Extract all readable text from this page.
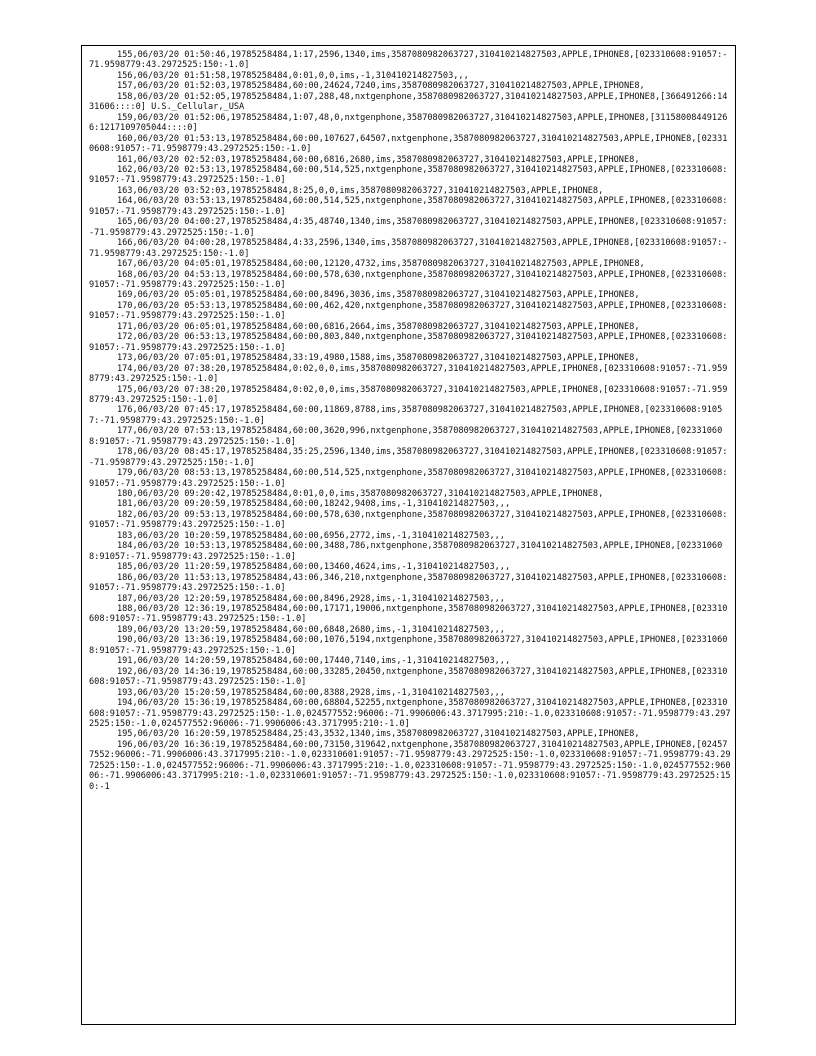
155,06/03/20 01:50:46,19785258484,1:17,2596,1340,ims,3587080982063727,310410214827503,APPLE,IPHONE8,[023310608:91057:-71.9598779:43.2972525:150:-1.0]

156,06/03/20 01:51:58,19785258484,0:01,0,0,ims,-1,310410214827503,,,

157,06/03/20 01:52:03,19785258484,60:00,24624,7240,ims,3587080982063727,310410214827503,APPLE,IPHONE8,

158,06/03/20 01:52:05,19785258484,1:07,288,48,nxtgenphone,3587080982063727,310410214827503,APPLE,IPHONE8,[366491266:1431606::::0] U.S._Cellular,_USA

159,06/03/20 01:52:06,19785258484,1:07,48,0,nxtgenphone,3587080982063727,310410214827503,APPLE,IPHONE8,[311580084491266:1217109705044::::0]

160,06/03/20 01:53:13,19785258484,60:00,107627,64507,nxtgenphone,3587080982063727,310410214827503,APPLE,IPHONE8,[023310608:91057:-71.9598779:43.2972525:150:-1.0]

161,06/03/20 02:52:03,19785258484,60:00,6816,2680,ims,3587080982063727,310410214827503,APPLE,IPHONE8,

162,06/03/20 02:53:13,19785258484,60:00,514,525,nxtgenphone,3587080982063727,310410214827503,APPLE,IPHONE8,[023310608:91057:-71.9598779:43.2972525:150:-1.0]

163,06/03/20 03:52:03,19785258484,8:25,0,0,ims,3587080982063727,310410214827503,APPLE,IPHONE8,

164,06/03/20 03:53:13,19785258484,60:00,514,525,nxtgenphone,3587080982063727,310410214827503,APPLE,IPHONE8,[023310608:91057:-71.9598779:43.2972525:150:-1.0]

165,06/03/20 04:00:27,19785258484,4:35,48740,1340,ims,3587080982063727,310410214827503,APPLE,IPHONE8,[023310608:91057:-71.9598779:43.2972525:150:-1.0]

166,06/03/20 04:00:28,19785258484,4:33,2596,1340,ims,3587080982063727,310410214827503,APPLE,IPHONE8,[023310608:91057:-71.9598779:43.2972525:150:-1.0]

167,06/03/20 04:05:01,19785258484,60:00,12120,4732,ims,3587080982063727,310410214827503,APPLE,IPHONE8,

168,06/03/20 04:53:13,19785258484,60:00,578,630,nxtgenphone,3587080982063727,310410214827503,APPLE,IPHONE8,[023310608:91057:-71.9598779:43.2972525:150:-1.0]

169,06/03/20 05:05:01,19785258484,60:00,8496,3036,ims,3587080982063727,310410214827503,APPLE,IPHONE8,

170,06/03/20 05:53:13,19785258484,60:00,462,420,nxtgenphone,3587080982063727,310410214827503,APPLE,IPHONE8,[023310608:91057:-71.9598779:43.2972525:150:-1.0]

171,06/03/20 06:05:01,19785258484,60:00,6816,2664,ims,3587080982063727,310410214827503,APPLE,IPHONE8,

172,06/03/20 06:53:13,19785258484,60:00,803,840,nxtgenphone,3587080982063727,310410214827503,APPLE,IPHONE8,[023310608:91057:-71.9598779:43.2972525:150:-1.0]

173,06/03/20 07:05:01,19785258484,33:19,4980,1588,ims,3587080982063727,310410214827503,APPLE,IPHONE8,

174,06/03/20 07:38:20,19785258484,0:02,0,0,ims,3587080982063727,310410214827503,APPLE,IPHONE8,[023310608:91057:-71.9598779:43.2972525:150:-1.0]

175,06/03/20 07:38:20,19785258484,0:02,0,0,ims,3587080982063727,310410214827503,APPLE,IPHONE8,[023310608:91057:-71.9598779:43.2972525:150:-1.0]

176,06/03/20 07:45:17,19785258484,60:00,11869,8788,ims,3587080982063727,310410214827503,APPLE,IPHONE8,[023310608:91057:-71.9598779:43.2972525:150:-1.0]

177,06/03/20 07:53:13,19785258484,60:00,3620,996,nxtgenphone,3587080982063727,310410214827503,APPLE,IPHONE8,[023310608:91057:-71.9598779:43.2972525:150:-1.0]

178,06/03/20 08:45:17,19785258484,35:25,2596,1340,ims,3587080982063727,310410214827503,APPLE,IPHONE8,[023310608:91057:-71.9598779:43.2972525:150:-1.0]

179,06/03/20 08:53:13,19785258484,60:00,514,525,nxtgenphone,3587080982063727,310410214827503,APPLE,IPHONE8,[023310608:91057:-71.9598779:43.2972525:150:-1.0]

180,06/03/20 09:20:42,19785258484,0:01,0,0,ims,3587080982063727,310410214827503,APPLE,IPHONE8,

181,06/03/20 09:20:59,19785258484,60:00,18242,9408,ims,-1,310410214827503,,,

182,06/03/20 09:53:13,19785258484,60:00,578,630,nxtgenphone,3587080982063727,310410214827503,APPLE,IPHONE8,[023310608:91057:-71.9598779:43.2972525:150:-1.0]

183,06/03/20 10:20:59,19785258484,60:00,6956,2772,ims,-1,310410214827503,,,

184,06/03/20 10:53:13,19785258484,60:00,3488,786,nxtgenphone,3587080982063727,310410214827503,APPLE,IPHONE8,[023310608:91057:-71.9598779:43.2972525:150:-1.0]

185,06/03/20 11:20:59,19785258484,60:00,13460,4624,ims,-1,310410214827503,,,

186,06/03/20 11:53:13,19785258484,43:06,346,210,nxtgenphone,3587080982063727,310410214827503,APPLE,IPHONE8,[023310608:91057:-71.9598779:43.2972525:150:-1.0]

187,06/03/20 12:20:59,19785258484,60:00,8496,2928,ims,-1,310410214827503,,,

188,06/03/20 12:36:19,19785258484,60:00,17171,19006,nxtgenphone,3587080982063727,310410214827503,APPLE,IPHONE8,[023310608:91057:-71.9598779:43.2972525:150:-1.0]

189,06/03/20 13:20:59,19785258484,60:00,6848,2680,ims,-1,310410214827503,,,

190,06/03/20 13:36:19,19785258484,60:00,1076,5194,nxtgenphone,3587080982063727,310410214827503,APPLE,IPHONE8,[023310608:91057:-71.9598779:43.2972525:150:-1.0]

191,06/03/20 14:20:59,19785258484,60:00,17440,7140,ims,-1,310410214827503,,,

192,06/03/20 14:36:19,19785258484,60:00,33285,20450,nxtgenphone,3587080982063727,310410214827503,APPLE,IPHONE8,[023310608:91057:-71.9598779:43.2972525:150:-1.0]

193,06/03/20 15:20:59,19785258484,60:00,8388,2928,ims,-1,310410214827503,,,

194,06/03/20 15:36:19,19785258484,60:00,68804,52255,nxtgenphone,3587080982063727,310410214827503,APPLE,IPHONE8,[023310608:91057:-71.9598779:43.2972525:150:-1.0,024577552:96006:-71.9906006:43.3717995:210:-1.0,023310608:91057:-71.9598779:43.2972525:150:-1.0,024577552:96006:-71.9906006:43.3717995:210:-1.0]

195,06/03/20 16:20:59,19785258484,25:43,3532,1340,ims,3587080982063727,310410214827503,APPLE,IPHONE8,

196,06/03/20 16:36:19,19785258484,60:00,73150,319642,nxtgenphone,3587080982063727,310410214827503,APPLE,IPHONE8,[024577552:96006:-71.9906006:43.3717995:210:-1.0,023310601:91057:-71.9598779:43.2972525:150:-1.0,023310608:91057:-71.9598779:43.2972525:150:-1.0,024577552:96006:-71.9906006:43.3717995:210:-1.0,023310608:91057:-71.9598779:43.2972525:150:-1.0,024577552:96006:-71.9906006:43.3717995:210:-1.0,023310601:91057:-71.9598779:43.2972525:150:-1.0,023310608:91057:-71.9598779:43.2972525:150:-1
